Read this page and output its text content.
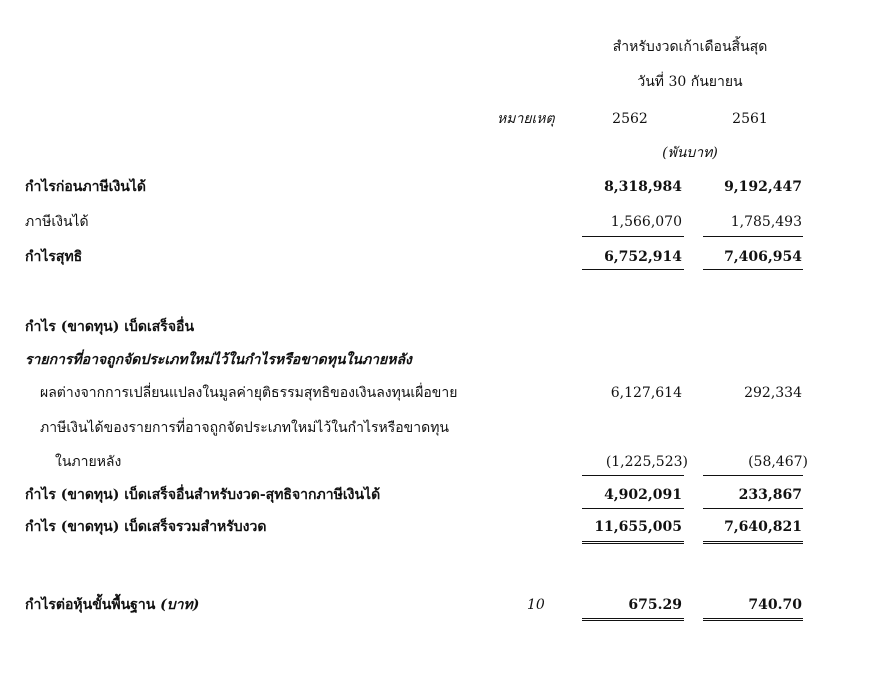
สำหรับงวดเก้าเดือนสิ้นสุด
วันที่ 30 กันยายน
หมายเหตุ	2562	2561
(พันบาท)
กำไรก่อนภาษีเงินได้	8,318,984	9,192,447
ภาษีเงินได้	1,566,070	1,785,493
กำไรสุทธิ	6,752,914	7,406,954
กำไร (ขาดทุน) เบ็ดเสร็จอื่น
รายการที่อาจถูกจัดประเภทใหม่ไว้ในกำไรหรือขาดทุนในภายหลัง
ผลต่างจากการเปลี่ยนแปลงในมูลค่ายุติธรรมสุทธิของเงินลงทุนเผื่อขาย	6,127,614	292,334
ภาษีเงินได้ของรายการที่อาจถูกจัดประเภทใหม่ไว้ในกำไรหรือขาดทุน
ในภายหลัง	(1,225,523)	(58,467)
กำไร (ขาดทุน) เบ็ดเสร็จอื่นสำหรับงวด-สุทธิจากภาษีเงินได้	4,902,091	233,867
กำไร (ขาดทุน) เบ็ดเสร็จรวมสำหรับงวด	11,655,005	7,640,821
กำไรต่อหุ้นขั้นพื้นฐาน (บาท)	10	675.29	740.70
